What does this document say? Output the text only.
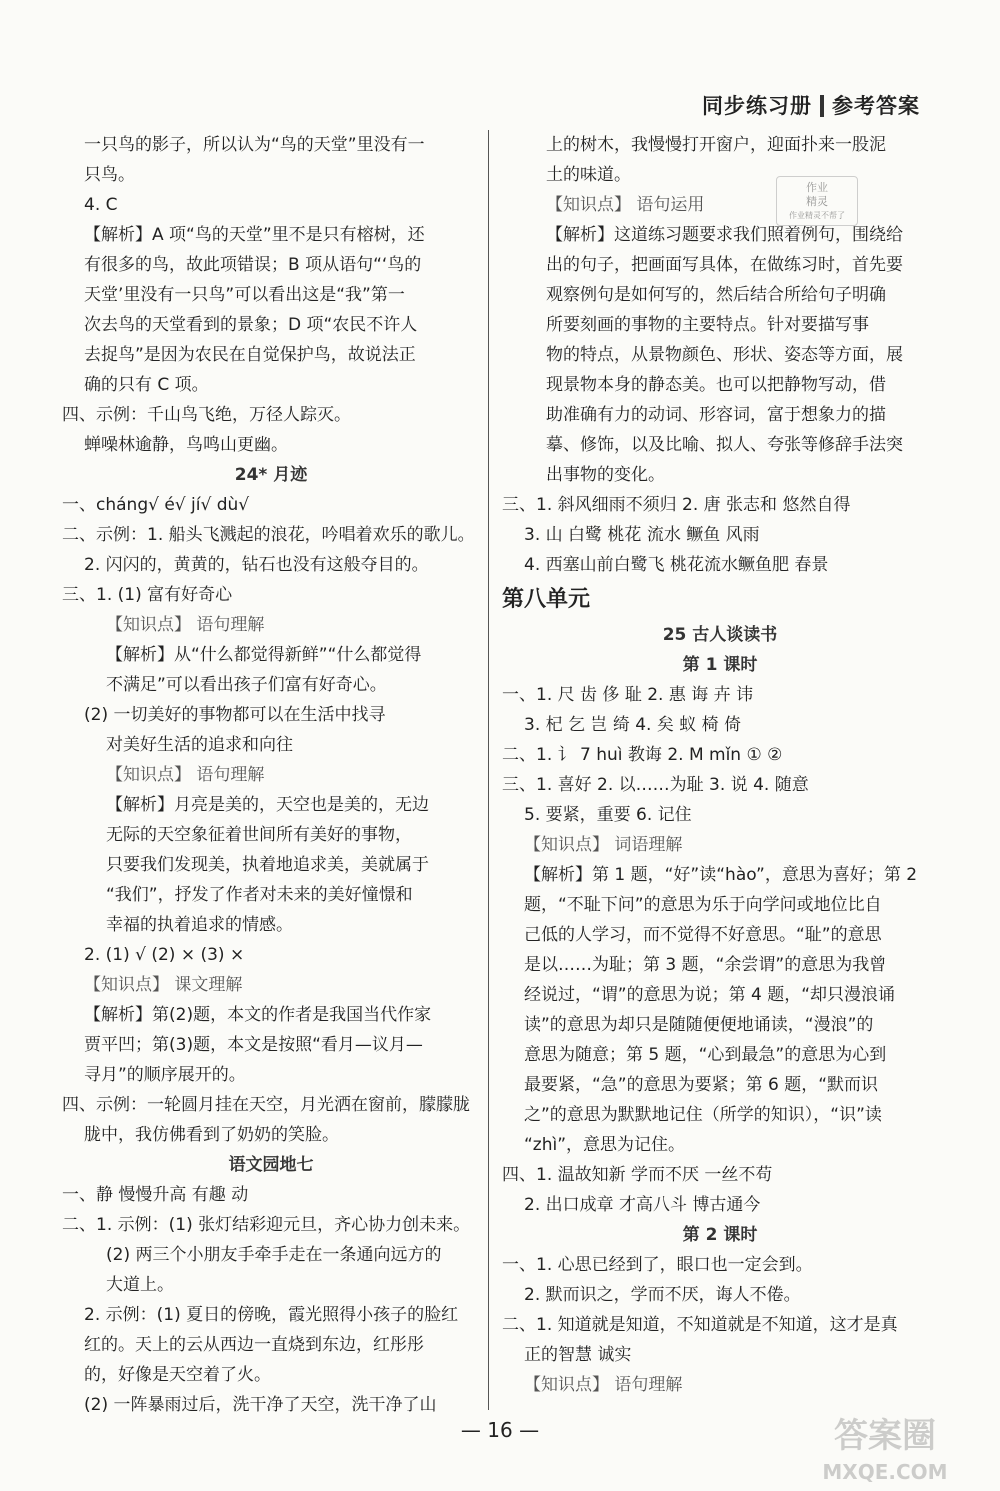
同步练习册 参考答案
一只鸟的影子，所以认为“鸟的天堂”里没有一
只鸟。
4. C
【解析】A 项“鸟的天堂”里不是只有榕树，还
有很多的鸟，故此项错误；B 项从语句“‘鸟的
天堂’里没有一只鸟”可以看出这是“我”第一
次去鸟的天堂看到的景象；D 项“农民不许人
去捉鸟”是因为农民在自觉保护鸟，故说法正
确的只有 C 项。
四、示例：千山鸟飞绝，万径人踪灭。
蝉噪林逾静，鸟鸣山更幽。
24* 月迹
一、cháng√ é√ jí√ dù√
二、示例：1. 船头飞溅起的浪花，吟唱着欢乐的歌儿。
2. 闪闪的，黄黄的，钻石也没有这般夺目的。
三、1. (1) 富有好奇心
【知识点】 语句理解
【解析】从“什么都觉得新鲜”“什么都觉得
不满足”可以看出孩子们富有好奇心。
(2) 一切美好的事物都可以在生活中找寻
对美好生活的追求和向往
【知识点】 语句理解
【解析】月亮是美的，天空也是美的，无边
无际的天空象征着世间所有美好的事物，
只要我们发现美，执着地追求美，美就属于
“我们”，抒发了作者对未来的美好憧憬和
幸福的执着追求的情感。
2. (1) √ (2) × (3) ×
【知识点】 课文理解
【解析】第(2)题，本文的作者是我国当代作家
贾平凹；第(3)题，本文是按照“看月—议月—
寻月”的顺序展开的。
四、示例：一轮圆月挂在天空，月光洒在窗前，朦朦胧
胧中，我仿佛看到了奶奶的笑脸。
语文园地七
一、静 慢慢升高 有趣 动
二、1. 示例：(1) 张灯结彩迎元旦，齐心协力创未来。
(2) 两三个小朋友手牵手走在一条通向远方的
大道上。
2. 示例：(1) 夏日的傍晚，霞光照得小孩子的脸红
红的。天上的云从西边一直烧到东边，红彤彤
的，好像是天空着了火。
(2) 一阵暴雨过后，洗干净了天空，洗干净了山
上的树木，我慢慢打开窗户，迎面扑来一股泥
土的味道。
【知识点】 语句运用
【解析】这道练习题要求我们照着例句，围绕给
出的句子，把画面写具体，在做练习时，首先要
观察例句是如何写的，然后结合所给句子明确
所要刻画的事物的主要特点。针对要描写事
物的特点，从景物颜色、形状、姿态等方面，展
现景物本身的静态美。也可以把静物写动，借
助准确有力的动词、形容词，富于想象力的描
摹、修饰，以及比喻、拟人、夸张等修辞手法突
出事物的变化。
三、1. 斜风细雨不须归 2. 唐 张志和 悠然自得
3. 山 白鹭 桃花 流水 鳜鱼 风雨
4. 西塞山前白鹭飞 桃花流水鳜鱼肥 春景
第八单元
25 古人谈读书
第 1 课时
一、1. 尺 齿 侈 耻 2. 惠 诲 卉 讳
3. 杞 乞 岂 绮 4. 矣 蚁 椅 倚
二、1. 讠 7 huì 教诲 2. M mǐn ① ②
三、1. 喜好 2. 以……为耻 3. 说 4. 随意
5. 要紧，重要 6. 记住
【知识点】 词语理解
【解析】第 1 题，“好”读“hào”，意思为喜好；第 2
题，“不耻下问”的意思为乐于向学问或地位比自
己低的人学习，而不觉得不好意思。“耻”的意思
是以……为耻；第 3 题，“余尝谓”的意思为我曾
经说过，“谓”的意思为说；第 4 题，“却只漫浪诵
读”的意思为却只是随随便便地诵读，“漫浪”的
意思为随意；第 5 题，“心到最急”的意思为心到
最要紧，“急”的意思为要紧；第 6 题，“默而识
之”的意思为默默地记住（所学的知识），“识”读
“zhì”，意思为记住。
四、1. 温故知新 学而不厌 一丝不苟
2. 出口成章 才高八斗 博古通今
第 2 课时
一、1. 心思已经到了，眼口也一定会到。
2. 默而识之，学而不厌，诲人不倦。
二、1. 知道就是知道，不知道就是不知道，这才是真
正的智慧 诚实
【知识点】 语句理解
作业
精灵
作业精灵不帮了
— 16 —	答案圈
MXQE.COM
